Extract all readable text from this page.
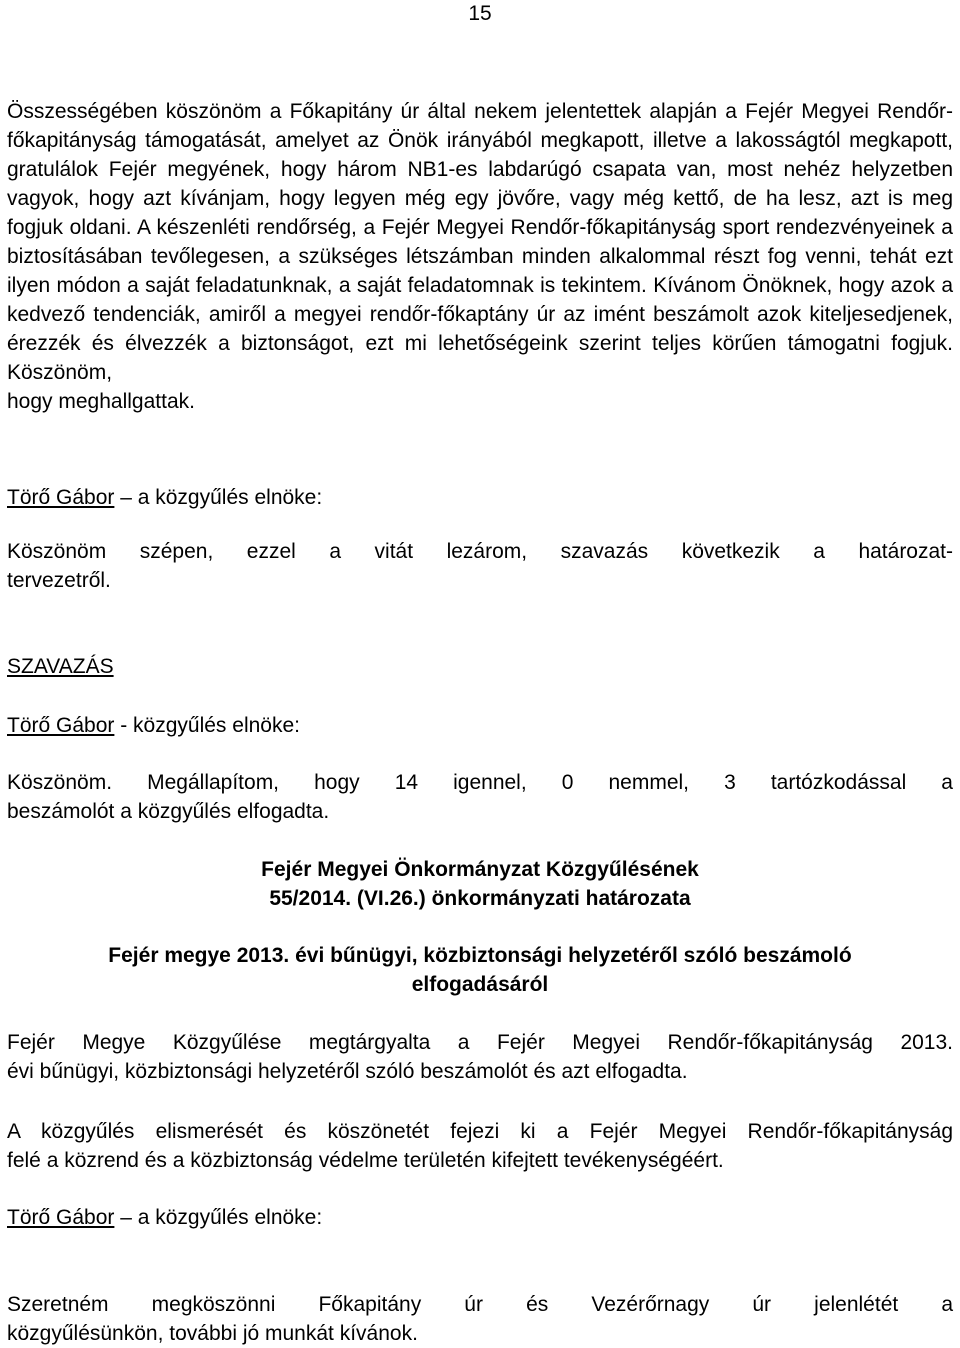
15

Összességében köszönöm a Főkapitány úr által nekem jelentettek alapján a Fejér Megyei Rendőr-főkapitányság támogatását, amelyet az Önök irányából megkapott, illetve a lakosságtól megkapott, gratulálok Fejér megyének, hogy három NB1-es labdarúgó csapata van, most nehéz helyzetben vagyok, hogy azt kívánjam, hogy legyen még egy jövőre, vagy még kettő, de ha lesz, azt is meg fogjuk oldani. A készenléti rendőrség, a Fejér Megyei Rendőr-főkapitányság sport rendezvényeinek a biztosításában tevőlegesen, a szükséges létszámban minden alkalommal részt fog venni, tehát ezt ilyen módon a saját feladatunknak, a saját feladatomnak is tekintem. Kívánom Önöknek, hogy azok a kedvező tendenciák, amiről a megyei rendőr-főkaptány úr az imént beszámolt azok kiteljesedjenek, érezzék és élvezzék a biztonságot, ezt mi lehetőségeink szerint teljes körűen támogatni fogjuk. Köszönöm,
hogy meghallgattak.

Törő Gábor – a közgyűlés elnöke:

Köszönöm szépen, ezzel a vitát lezárom, szavazás következik a határozat-
tervezetről.

SZAVAZÁS
Törő Gábor - közgyűlés elnöke:

Köszönöm. Megállapítom, hogy 14 igennel, 0 nemmel, 3 tartózkodással a
beszámolót a közgyűlés elfogadta.

Fejér Megyei Önkormányzat Közgyűlésének
55/2014. (VI.26.) önkormányzati határozata
Fejér megye 2013. évi bűnügyi, közbiztonsági helyzetéről szóló beszámoló
elfogadásáról

Fejér Megye Közgyűlése megtárgyalta a Fejér Megyei Rendőr-főkapitányság 2013.
évi bűnügyi, közbiztonsági helyzetéről szóló beszámolót és azt elfogadta.

A közgyűlés elismerését és köszönetét fejezi ki a Fejér Megyei Rendőr-főkapitányság
felé a közrend és a közbiztonság védelme területén kifejtett tevékenységéért.

Törő Gábor – a közgyűlés elnöke:

Szeretném megköszönni Főkapitány úr és Vezérőrnagy úr jelenlétét a
közgyűlésünkön, további jó munkát kívánok.
